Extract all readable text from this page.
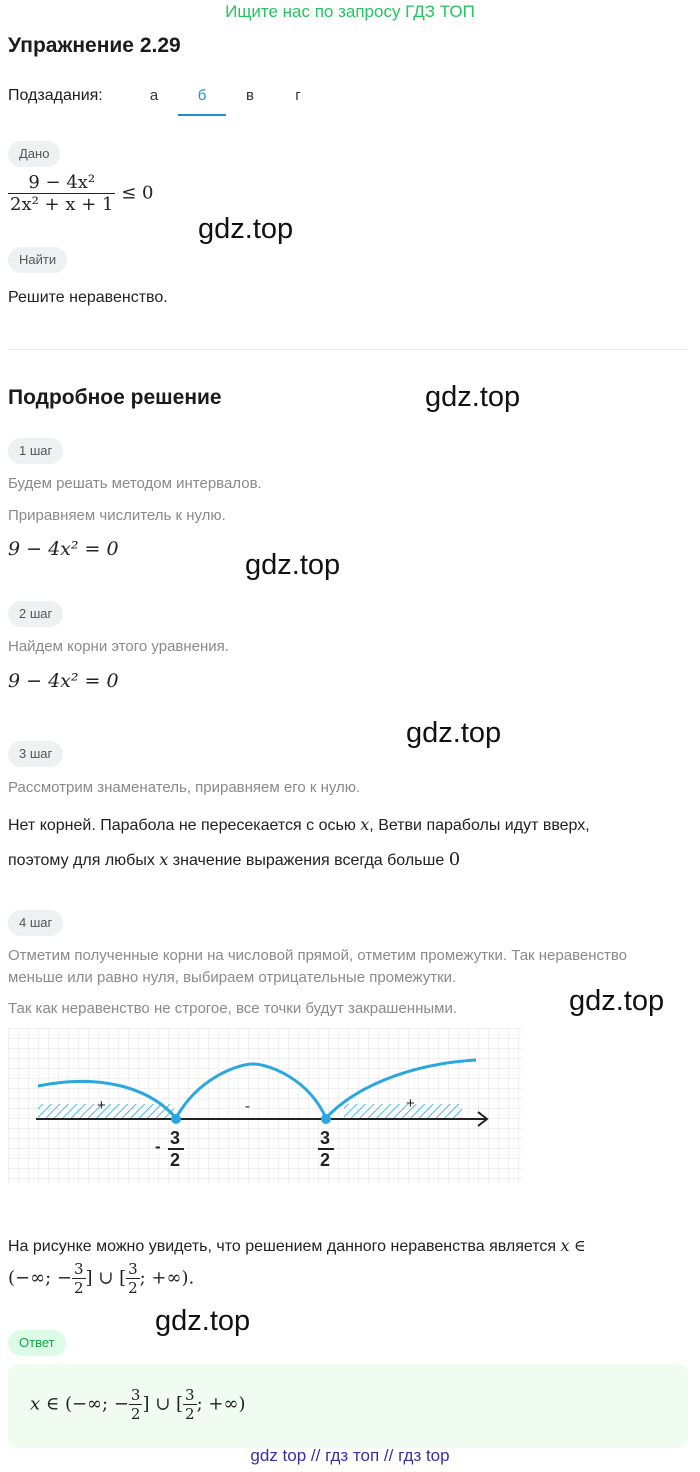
Ищите нас по запросу ГДЗ ТОП
Упражнение 2.29
Подзадания:	а	б	в	г
Дано
$\frac{\text{9 − 4x²}}{\text{2x² + x + 1}} \le 0$
gdz.top
Найти
Решите неравенство.
Подробное решение	gdz.top
1 шаг
Будем решать методом интервалов.
Приравняем числитель к нулю.
9 − 4x² = 0	gdz.top
2 шаг
Найдем корни этого уравнения.
9 − 4x² = 0
gdz.top
3 шаг
Рассмотрим знаменатель, приравняем его к нулю.
Нет корней. Парабола не пересекается с осью x, Ветви параболы идут вверх,
поэтому для любых x значение выражения всегда больше 0
4 шаг
Отметим полученные корни на числовой прямой, отметим промежутки. Так неравенство
меньше или равно нуля, выбираем отрицательные промежутки.
Так как неравенство не строгое, все точки будут закрашенными.	gdz.top
+	-	+
- 3
2
3
2
На рисунке можно увидеть, что решением данного неравенства является x ∈
(−∞; − $\frac{3}{2}$ ] ∪ [ $\frac{3}{2}$ ; +∞).
gdz.top
Ответ
x ∈ (−∞; − $\frac{3}{2}$ ] ∪ [ $\frac{3}{2}$ ; +∞)
gdz top // гдз топ // гдз top
